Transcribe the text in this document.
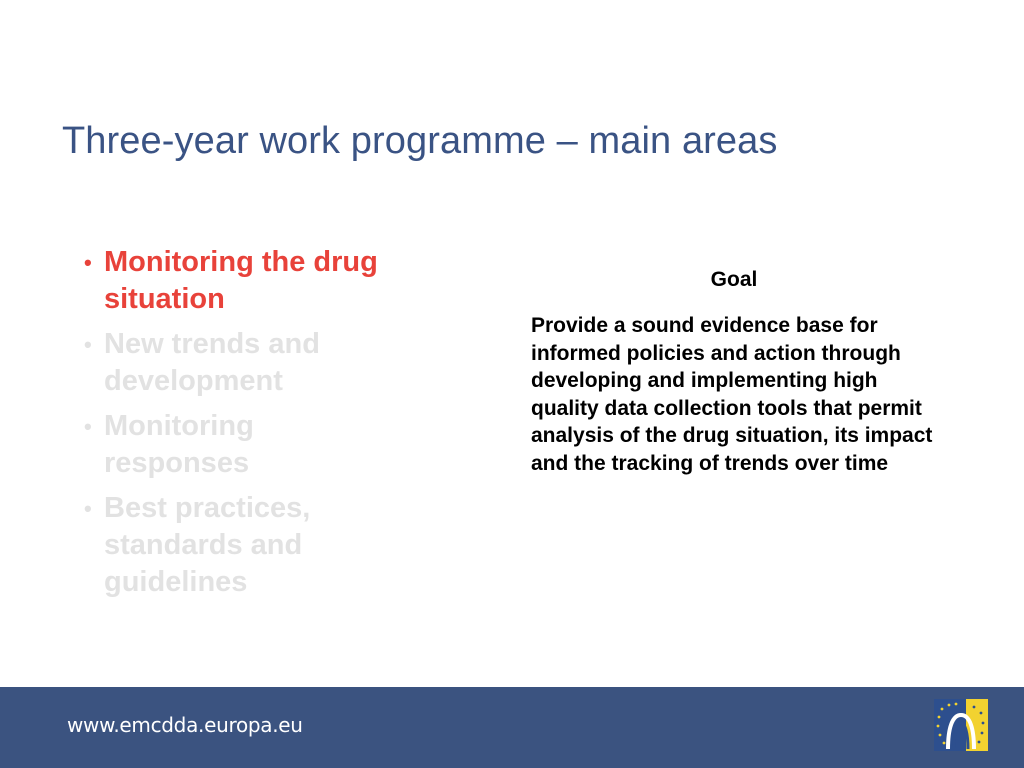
Three-year work programme – main areas
• Monitoring the drug situation
• New trends and development
• Monitoring responses
• Best practices, standards and guidelines
Goal
Provide a sound evidence base for informed policies and action through developing and implementing high quality data collection tools that permit analysis of the drug situation, its impact and the tracking of trends over time
www.emcdda.europa.eu
